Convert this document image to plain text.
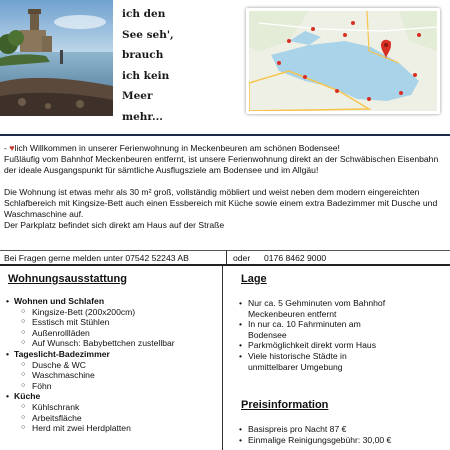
ich den
See seh',
brauch
ich kein
Meer
mehr...

- ♥lich Willkommen in unserer Ferienwohnung in Meckenbeuren am schönen Bodensee!

Fußläufig vom Bahnhof Meckenbeuren entfernt, ist unsere Ferienwohnung direkt an der Schwäbischen Eisenbahn der ideale Ausgangspunkt für sämtliche Ausflugsziele am Bodensee und im Allgäu!

Die Wohnung ist etwas mehr als 30 m² groß, vollständig möbliert und weist neben dem modern eingereichten Schlafbereich mit Kingsize-Bett auch einen Essbereich mit Küche sowie einem extra Badezimmer mit Dusche und Waschmaschine auf.

Der Parkplatz befindet sich direkt am Haus auf der Straße

Bei Fragen gerne melden unter 07542 52243 AB	oder 0176 8462 9000
Wohnungsausstattung
• Wohnen und Schlafen
○ Kingsize-Bett (200x200cm)
○ Esstisch mit Stühlen
○ Außenrollläden
○ Auf Wunsch: Babybettchen zustellbar
• Tageslicht-Badezimmer
○ Dusche & WC
○ Waschmaschine
○ Föhn
• Küche
○ Kühlschrank
○ Arbeitsfläche
○ Herd mit zwei Herdplatten
Lage
• Nur ca. 5 Gehminuten vom Bahnhof Meckenbeuren entfernt
• In nur ca. 10 Fahrminuten am Bodensee
• Parkmöglichkeit direkt vorm Haus
• Viele historische Städte in unmittelbarer Umgebung
Preisinformation
• Basispreis pro Nacht 87 €
• Einmalige Reinigungsgebühr: 30,00 €
